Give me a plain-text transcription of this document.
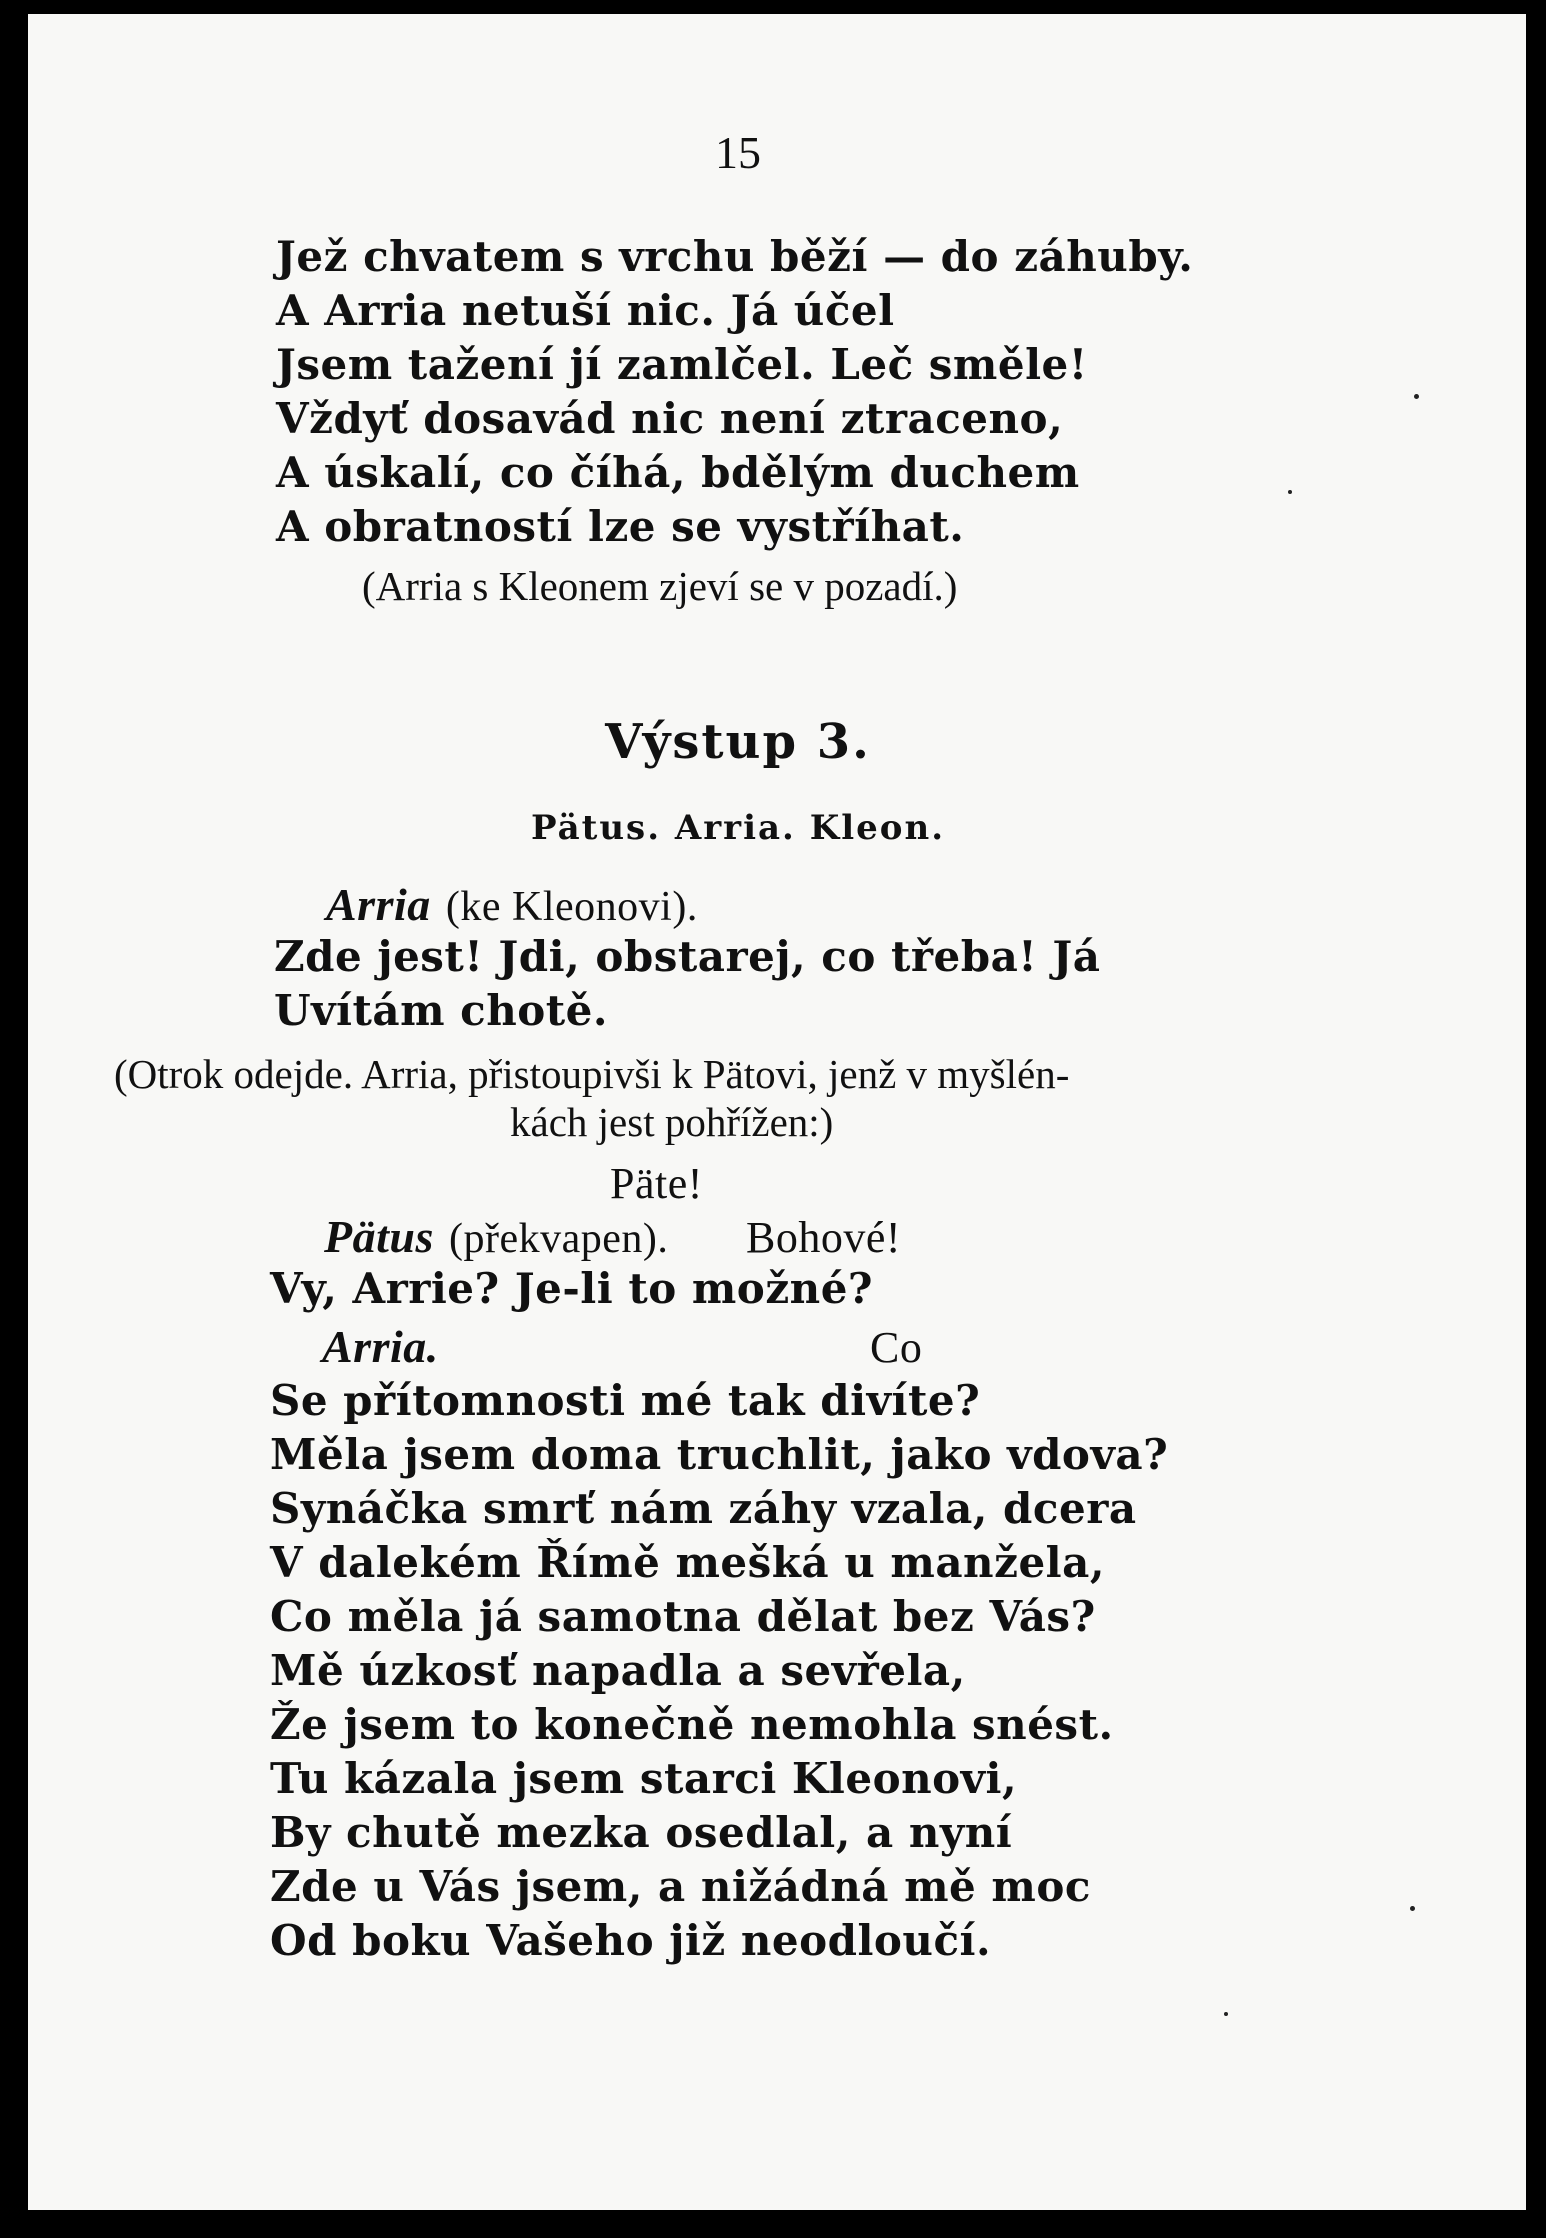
15
Jež chvatem s vrchu běží — do záhuby.
A Arria netuší nic. Já účel
Jsem tažení jí zamlčel. Leč směle!
Vždyť dosavád nic není ztraceno,
A úskalí, co číhá, bdělým duchem
A obratností lze se vystříhat.
(Arria s Kleonem zjeví se v pozadí.)
Výstup 3.
Pätus. Arria. Kleon.
Arria (ke Kleonovi).
Zde jest! Jdi, obstarej, co třeba! Já
Uvítám chotě.
(Otrok odejde. Arria, přistoupivši k Pätovi, jenž v myšlén-
kách jest pohřížen:)
Päte!
Pätus (překvapen). Bohové!
Vy, Arrie? Je-li to možné?
Arria.	Co
Se přítomnosti mé tak divíte?
Měla jsem doma truchlit, jako vdova?
Synáčka smrť nám záhy vzala, dcera
V dalekém Římě mešká u manžela,
Co měla já samotna dělat bez Vás?
Mě úzkosť napadla a sevřela,
Že jsem to konečně nemohla snést.
Tu kázala jsem starci Kleonovi,
By chutě mezka osedlal, a nyní
Zde u Vás jsem, a nižádná mě moc
Od boku Vašeho již neodloučí.
